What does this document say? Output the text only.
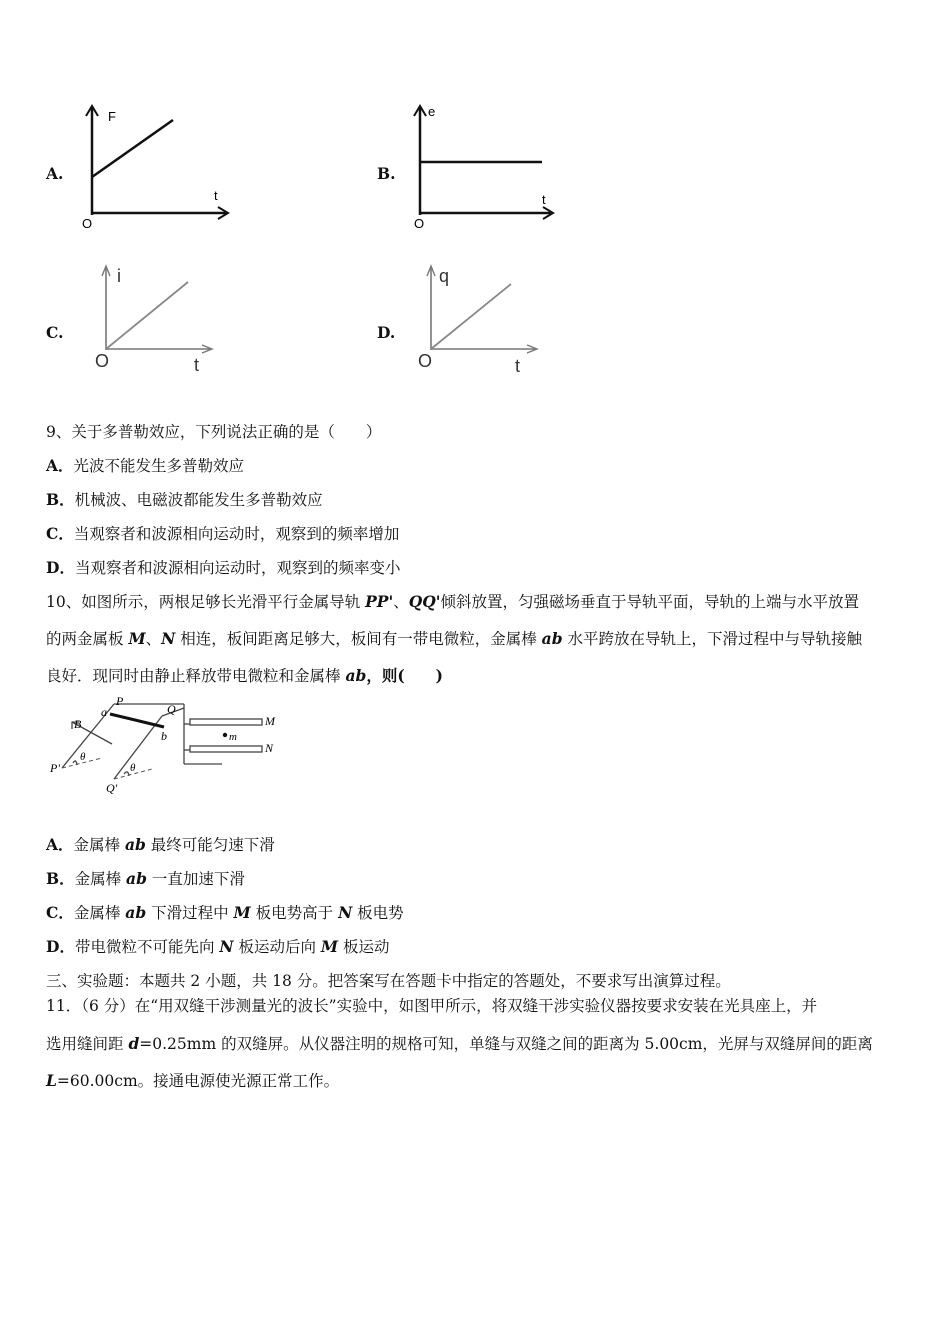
A.
F
t
O
B.
e
t
O
C.
i
t
O
D.
q
t
O
9、关于多普勒效应，下列说法正确的是（　　）
A．光波不能发生多普勒效应
B．机械波、电磁波都能发生多普勒效应
C．当观察者和波源相向运动时，观察到的频率增加
D．当观察者和波源相向运动时，观察到的频率变小
10、如图所示，两根足够长光滑平行金属导轨 PP'、QQ'倾斜放置，匀强磁场垂直于导轨平面，导轨的上端与水平放置
的两金属板 M、N 相连，板间距离足够大，板间有一带电微粒，金属棒 ab 水平跨放在导轨上，下滑过程中与导轨接触
良好．现同时由静止释放带电微粒和金属棒 ab，则(　　)
P
Q
a
b
B
m
M
N
P'
Q'
θ
θ
A．金属棒 ab 最终可能匀速下滑
B．金属棒 ab 一直加速下滑
C．金属棒 ab 下滑过程中 M 板电势高于 N 板电势
D．带电微粒不可能先向 N 板运动后向 M 板运动
三、实验题：本题共 2 小题，共 18 分。把答案写在答题卡中指定的答题处，不要求写出演算过程。
11．（6 分）在“用双缝干涉测量光的波长”实验中，如图甲所示，将双缝干涉实验仪器按要求安装在光具座上，并
选用缝间距 d=0.25mm 的双缝屏。从仪器注明的规格可知，单缝与双缝之间的距离为 5.00cm，光屏与双缝屏间的距离
L=60.00cm。接通电源使光源正常工作。
